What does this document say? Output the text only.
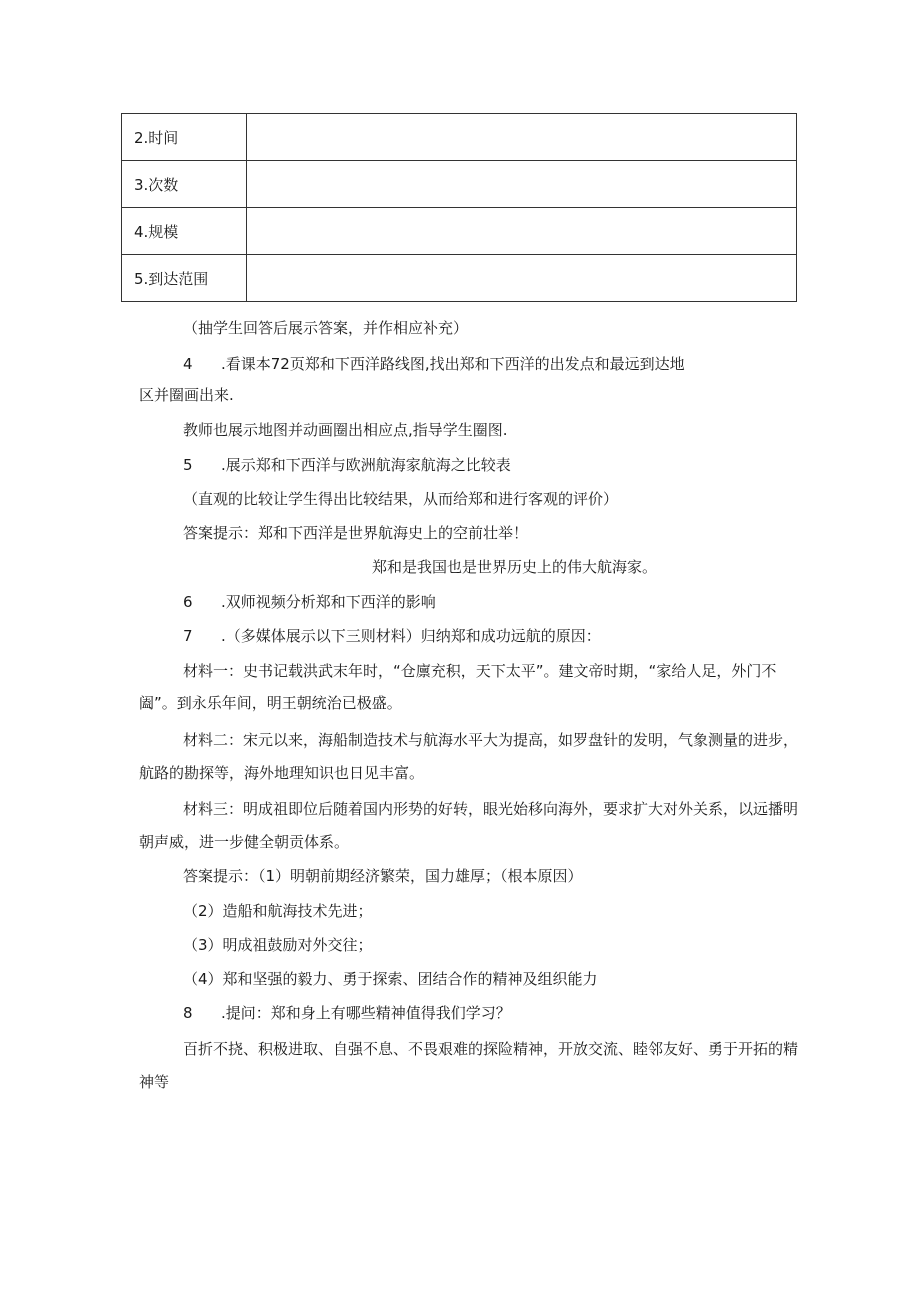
2.时间	
3.次数	
4.规模	
5.到达范围	
（抽学生回答后展示答案，并作相应补充）
4 .看课本72页郑和下西洋路线图,找出郑和下西洋的出发点和最远到达地
区并圈画出来.
教师也展示地图并动画圈出相应点,指导学生圈图.
5 .展示郑和下西洋与欧洲航海家航海之比较表
（直观的比较让学生得出比较结果，从而给郑和进行客观的评价）
答案提示：郑和下西洋是世界航海史上的空前壮举！
郑和是我国也是世界历史上的伟大航海家。
6 .双师视频分析郑和下西洋的影响
7 .（多媒体展示以下三则材料）归纳郑和成功远航的原因：
材料一：史书记载洪武末年时，“仓廪充积，天下太平”。建文帝时期，“家给人足，外门不
阖”。到永乐年间，明王朝统治已极盛。
材料二：宋元以来，海船制造技术与航海水平大为提高，如罗盘针的发明，气象测量的进步，
航路的勘探等，海外地理知识也日见丰富。
材料三：明成祖即位后随着国内形势的好转，眼光始移向海外，要求扩大对外关系，以远播明
朝声威，进一步健全朝贡体系。
答案提示：（1）明朝前期经济繁荣，国力雄厚；（根本原因）
（2）造船和航海技术先进；
（3）明成祖鼓励对外交往；
（4）郑和坚强的毅力、勇于探索、团结合作的精神及组织能力
8 .提问：郑和身上有哪些精神值得我们学习？
百折不挠、积极进取、自强不息、不畏艰难的探险精神，开放交流、睦邻友好、勇于开拓的精
神等
